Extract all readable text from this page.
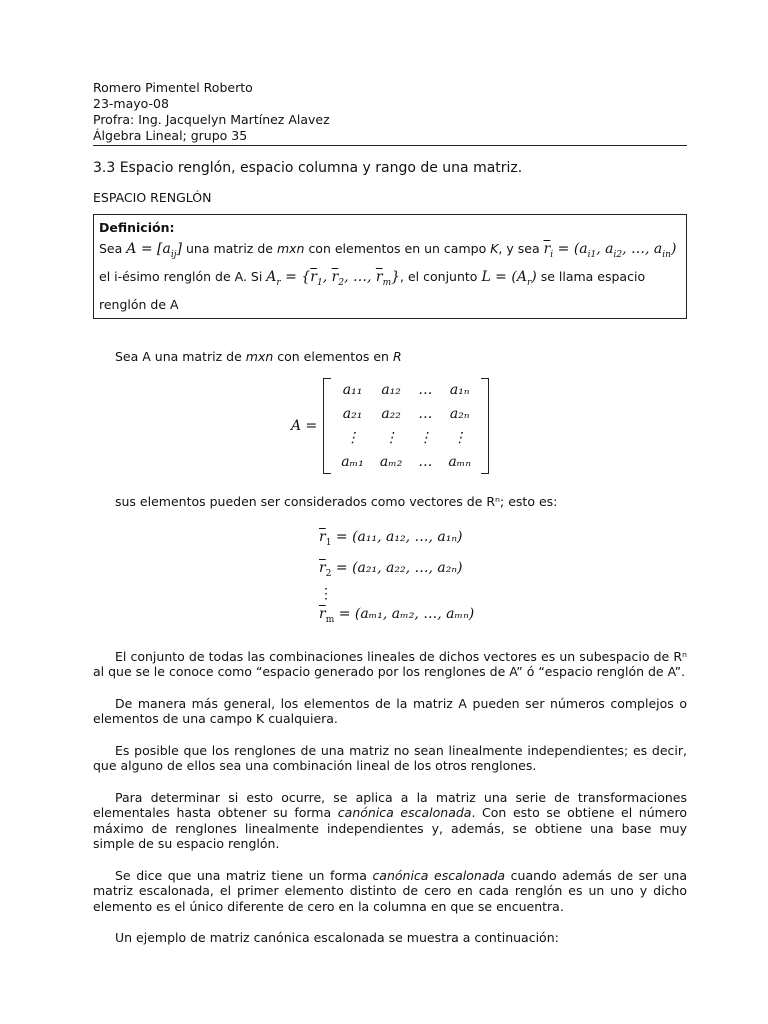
Romero Pimentel Roberto
23-mayo-08
Profra: Ing. Jacquelyn Martínez Alavez
Álgebra Lineal; grupo 35
3.3 Espacio renglón, espacio columna y rango de una matriz.
ESPACIO RENGLÓN
Definición:
Sea $A = [a_{ij}]$ una matriz de mxn con elementos en un campo K, y sea $\overline{r}_i = (a_{i1}$, $a_{i2}$, …, $a_{in}$)
el i-ésimo renglón de A. Si $A_r = \{\overline{r}_1$, $\overline{r}_2$, …, $\overline{r}_m$}, el conjunto $L = (A_r)$ se llama espacio
renglón de A
Sea A una matriz de mxn con elementos en R
A =
a₁₁	a₁₂	…	a₁ₙ
a₂₁	a₂₂	…	a₂ₙ
⋮	⋮	⋮	⋮
aₘ₁	aₘ₂	…	aₘₙ
sus elementos pueden ser considerados como vectores de Rⁿ; esto es:
$\overline{r}_1 = (a_{11}$, a₁₂, …, a₁ₙ)
$\overline{r}_2 = (a_{21}$, a₂₂, …, a₂ₙ)
⋮
$\overline{r}_m = (a_{m1}$, aₘ₂, …, aₘₙ)
El conjunto de todas las combinaciones lineales de dichos vectores es un subespacio de Rⁿ al que se le conoce como “espacio generado por los renglones de A” ó “espacio renglón de A”.
De manera más general, los elementos de la matriz A pueden ser números complejos o elementos de una campo K cualquiera.
Es posible que los renglones de una matriz no sean linealmente independientes; es decir, que alguno de ellos sea una combinación lineal de los otros renglones.
Para determinar si esto ocurre, se aplica a la matriz una serie de transformaciones elementales hasta obtener su forma canónica escalonada. Con esto se obtiene el número máximo de renglones linealmente independientes y, además, se obtiene una base muy simple de su espacio renglón.
Se dice que una matriz tiene un forma canónica escalonada cuando además de ser una matriz escalonada, el primer elemento distinto de cero en cada renglón es un uno y dicho elemento es el único diferente de cero en la columna en que se encuentra.
Un ejemplo de matriz canónica escalonada se muestra a continuación:
